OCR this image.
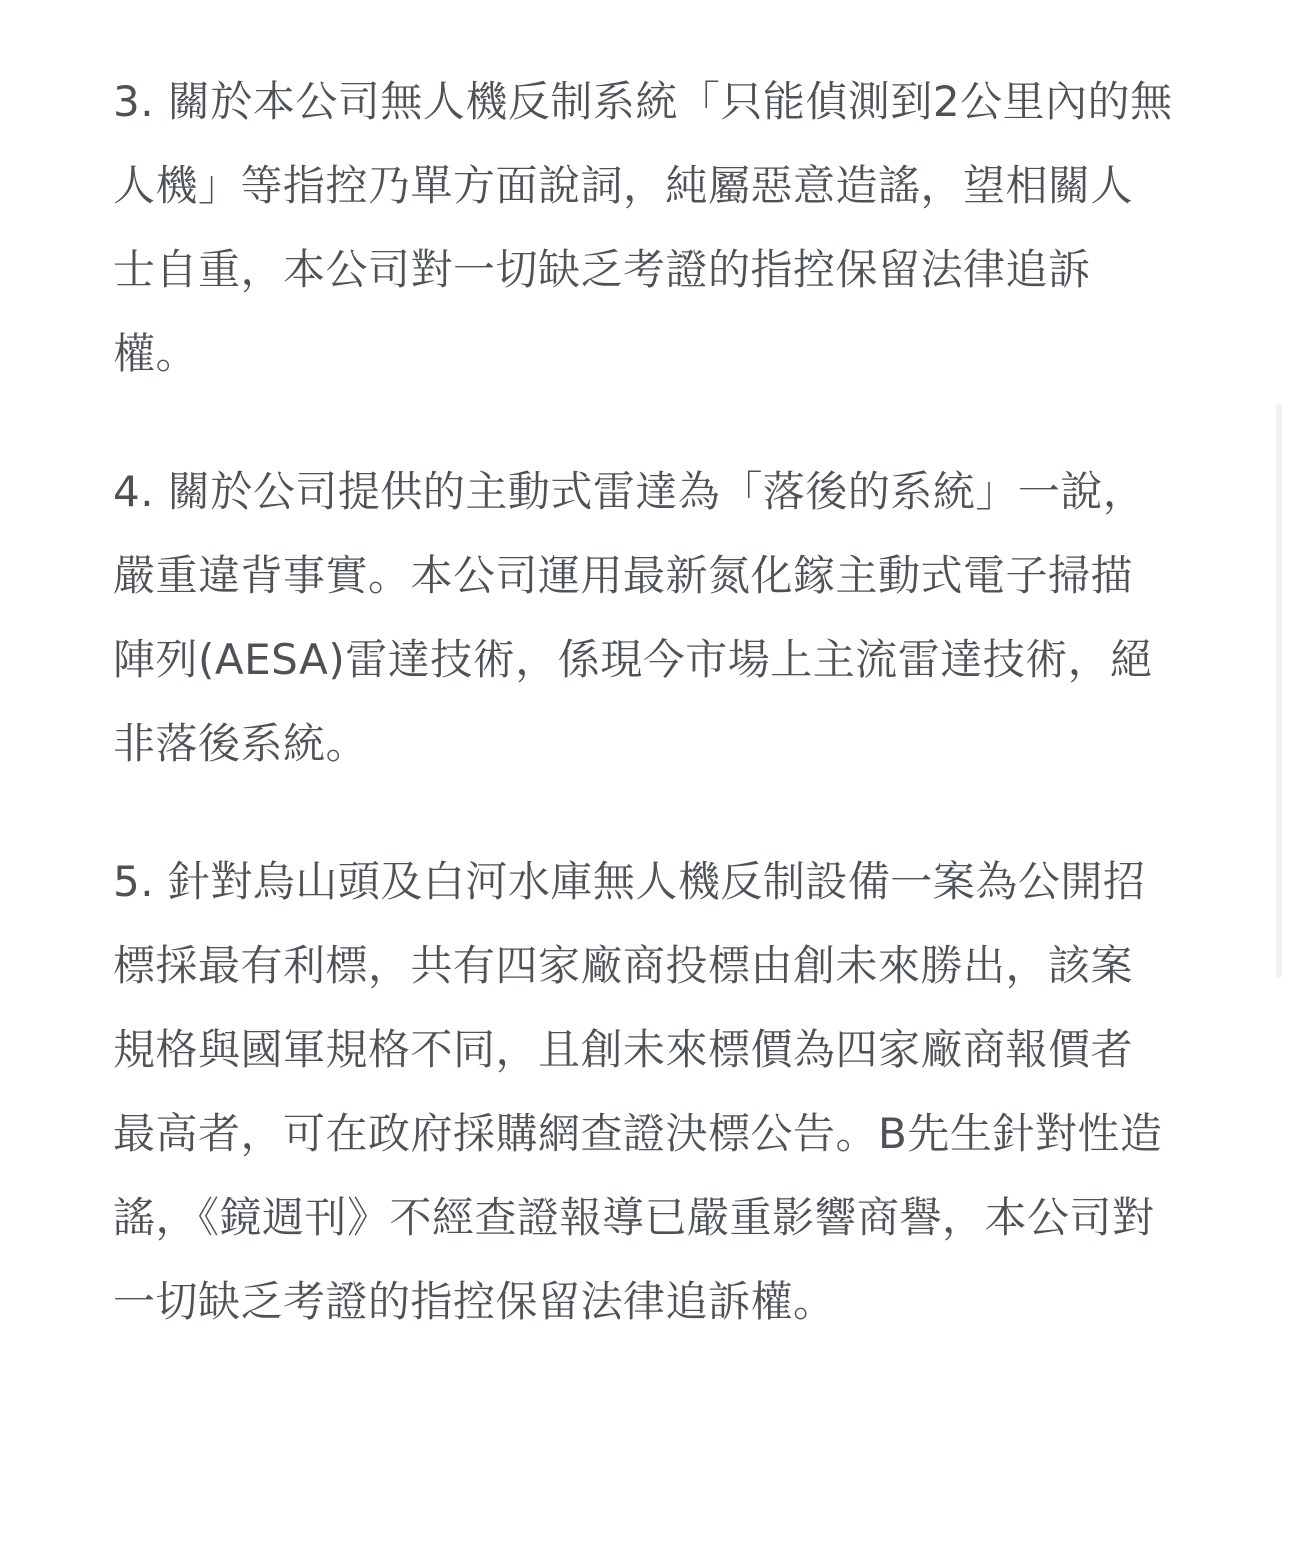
3. 關於本公司無人機反制系統「只能偵測到2公里內的無人機」等指控乃單方面說詞，純屬惡意造謠，望相關人士自重，本公司對一切缺乏考證的指控保留法律追訴權。

4. 關於公司提供的主動式雷達為「落後的系統」一說，嚴重違背事實。本公司運用最新氮化鎵主動式電子掃描陣列(AESA)雷達技術，係現今市場上主流雷達技術，絕非落後系統。

5. 針對烏山頭及白河水庫無人機反制設備一案為公開招標採最有利標，共有四家廠商投標由創未來勝出，該案規格與國軍規格不同，且創未來標價為四家廠商報價者最高者，可在政府採購網查證決標公告。B先生針對性造謠，《鏡週刊》不經查證報導已嚴重影響商譽，本公司對一切缺乏考證的指控保留法律追訴權。
